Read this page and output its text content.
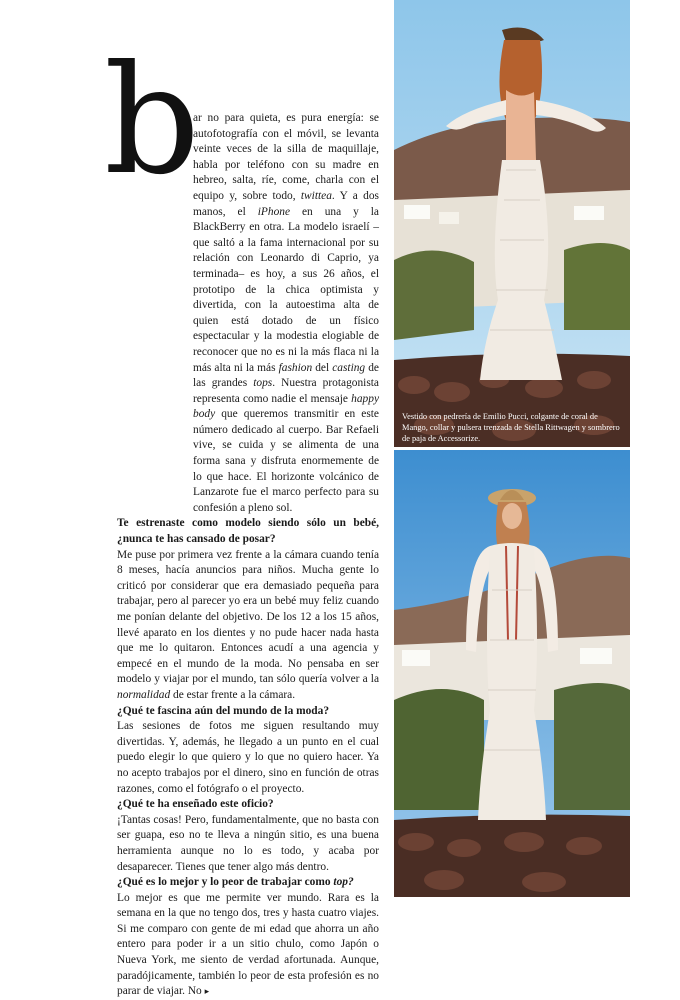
b

ar no para quieta, es pura energía: se autofotografía con el móvil, se levanta veinte veces de la silla de maquillaje, habla por teléfono con su madre en hebreo, salta, ríe, come, charla con el equipo y, sobre todo, twittea. Y a dos manos, el iPhone en una y la BlackBerry en otra. La modelo israelí –que saltó a la fama internacional por su relación con Leonardo di Caprio, ya terminada– es hoy, a sus 26 años, el prototipo de la chica optimista y divertida, con la autoestima alta de quien está dotado de un físico espectacular y la modestia elogiable de reconocer que no es ni la más flaca ni la más alta ni la más fashion del casting de las grandes tops. Nuestra protagonista representa como nadie el mensaje happy body que queremos transmitir en este número dedicado al cuerpo. Bar Refaeli vive, se cuida y se alimenta de una forma sana y disfruta enormemente de lo que hace. El horizonte volcánico de Lanzarote fue el marco perfecto para su confesión a pleno sol.

Te estrenaste como modelo siendo sólo un bebé, ¿nunca te has cansado de posar?

Me puse por primera vez frente a la cámara cuando tenía 8 meses, hacía anuncios para niños. Mucha gente lo criticó por considerar que era demasiado pequeña para trabajar, pero al parecer yo era un bebé muy feliz cuando me ponían delante del objetivo. De los 12 a los 15 años, llevé aparato en los dientes y no pude hacer nada hasta que me lo quitaron. Entonces acudí a una agencia y empecé en el mundo de la moda. No pensaba en ser modelo y viajar por el mundo, tan sólo quería volver a la normalidad de estar frente a la cámara.

¿Qué te fascina aún del mundo de la moda?

Las sesiones de fotos me siguen resultando muy divertidas. Y, además, he llegado a un punto en el cual puedo elegir lo que quiero y lo que no quiero hacer. Ya no acepto trabajos por el dinero, sino en función de otras razones, como el fotógrafo o el proyecto.

¿Qué te ha enseñado este oficio?

¡Tantas cosas! Pero, fundamentalmente, que no basta con ser guapa, eso no te lleva a ningún sitio, es una buena herramienta aunque no lo es todo, y acaba por desaparecer. Tienes que tener algo más dentro.

¿Qué es lo mejor y lo peor de trabajar como top?

Lo mejor es que me permite ver mundo. Rara es la semana en la que no tengo dos, tres y hasta cuatro viajes. Si me comparo con gente de mi edad que ahorra un año entero para poder ir a un sitio chulo, como Japón o Nueva York, me siento de verdad afortunada. Aunque, paradójicamente, también lo peor de esta profesión es no parar de viajar. No ▸

Vestido con pedrería de Emilio Pucci, colgante de coral de Mango, collar y pulsera trenzada de Stella Rittwagen y sombrero de paja de Accessorize.
